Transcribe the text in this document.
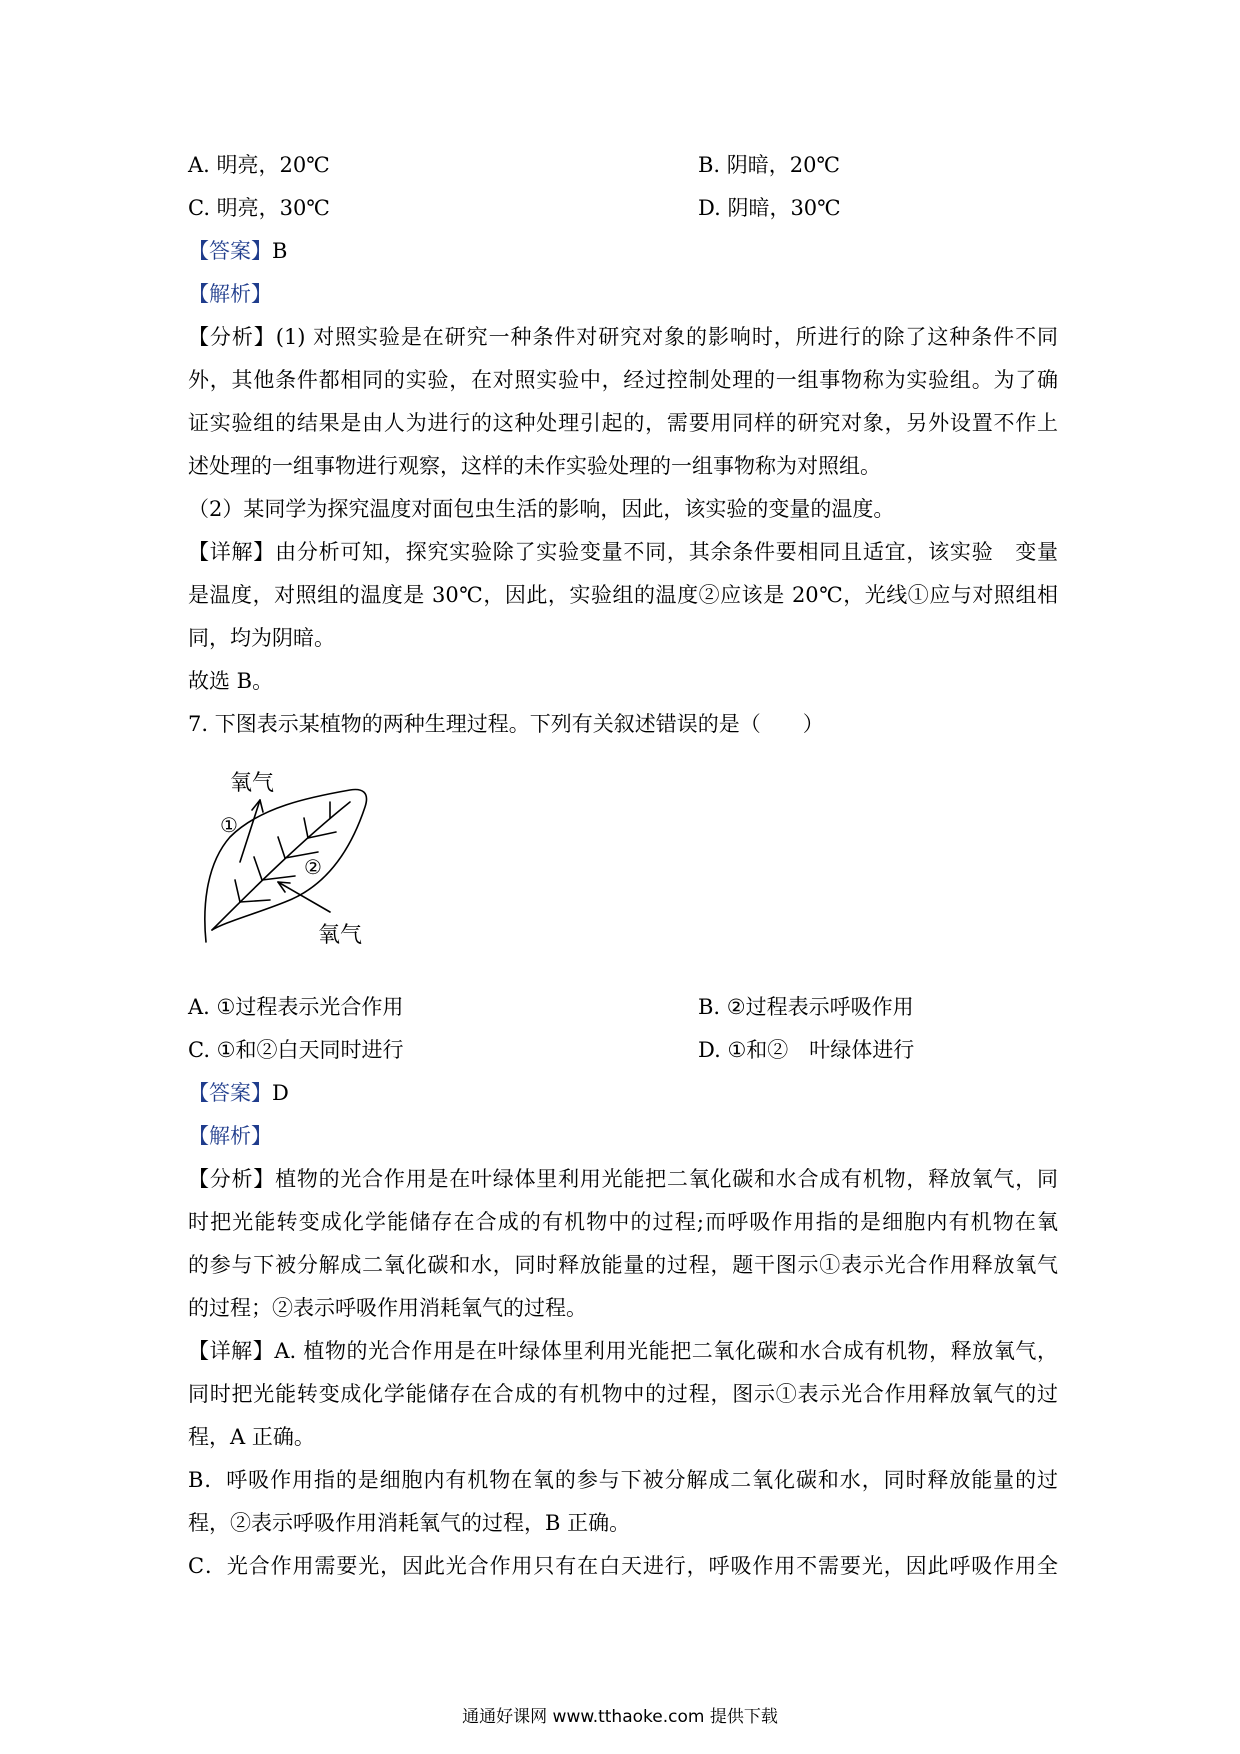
A. 明亮，20℃	B. 阴暗，20℃
C. 明亮，30℃	D. 阴暗，30℃
【答案】B
【解析】
【分析】(1) 对照实验是在研究一种条件对研究对象的影响时，所进行的除了这种条件不同
外，其他条件都相同的实验，在对照实验中，经过控制处理的一组事物称为实验组。为了确
证实验组的结果是由人为进行的这种处理引起的，需要用同样的研究对象，另外设置不作上
述处理的一组事物进行观察，这样的未作实验处理的一组事物称为对照组。
（2）某同学为探究温度对面包虫生活的影响，因此，该实验的变量的温度。
【详解】由分析可知，探究实验除了实验变量不同，其余条件要相同且适宜，该实验　变量
是温度，对照组的温度是 30℃，因此，实验组的温度②应该是 20℃，光线①应与对照组相
同，均为阴暗。
故选 B。
7. 下图表示某植物的两种生理过程。下列有关叙述错误的是（　　）
氧气
①
②
氧气
A. ①过程表示光合作用	B. ②过程表示呼吸作用
C. ①和②白天同时进行	D. ①和②　叶绿体进行
【答案】D
【解析】
【分析】植物的光合作用是在叶绿体里利用光能把二氧化碳和水合成有机物，释放氧气，同
时把光能转变成化学能储存在合成的有机物中的过程;而呼吸作用指的是细胞内有机物在氧
的参与下被分解成二氧化碳和水，同时释放能量的过程，题干图示①表示光合作用释放氧气
的过程；②表示呼吸作用消耗氧气的过程。
【详解】A. 植物的光合作用是在叶绿体里利用光能把二氧化碳和水合成有机物，释放氧气，
同时把光能转变成化学能储存在合成的有机物中的过程，图示①表示光合作用释放氧气的过
程，A 正确。
B．呼吸作用指的是细胞内有机物在氧的参与下被分解成二氧化碳和水，同时释放能量的过
程，②表示呼吸作用消耗氧气的过程，B 正确。
C．光合作用需要光，因此光合作用只有在白天进行，呼吸作用不需要光，因此呼吸作用全
通通好课网 www.tthaoke.com 提供下载
